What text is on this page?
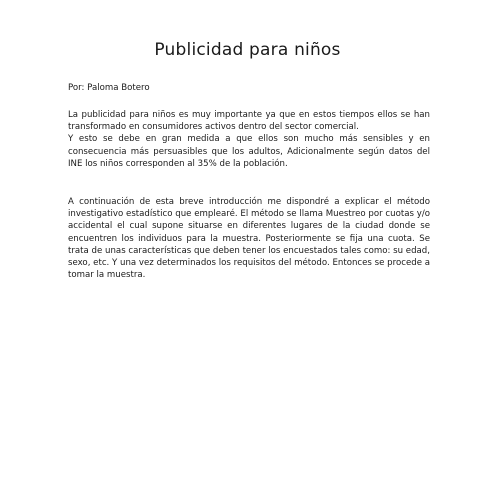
Publicidad para niños

Por: Paloma Botero

La publicidad para niños es muy importante ya que en estos tiempos ellos se han transformado en consumidores activos dentro del sector comercial.
Y esto se debe en gran medida a que ellos son mucho más sensibles y en consecuencia más persuasibles que los adultos, Adicionalmente según datos del INE los niños corresponden al 35% de la población.

A continuación de esta breve introducción me dispondré a explicar el método investigativo estadístico que emplearé. El método se llama Muestreo por cuotas y/o accidental el cual supone situarse en diferentes lugares de la ciudad donde se encuentren los individuos para la muestra. Posteriormente se fija una cuota. Se trata de unas características que deben tener los encuestados tales como: su edad, sexo, etc. Y una vez determinados los requisitos del método. Entonces se procede a tomar la muestra.
